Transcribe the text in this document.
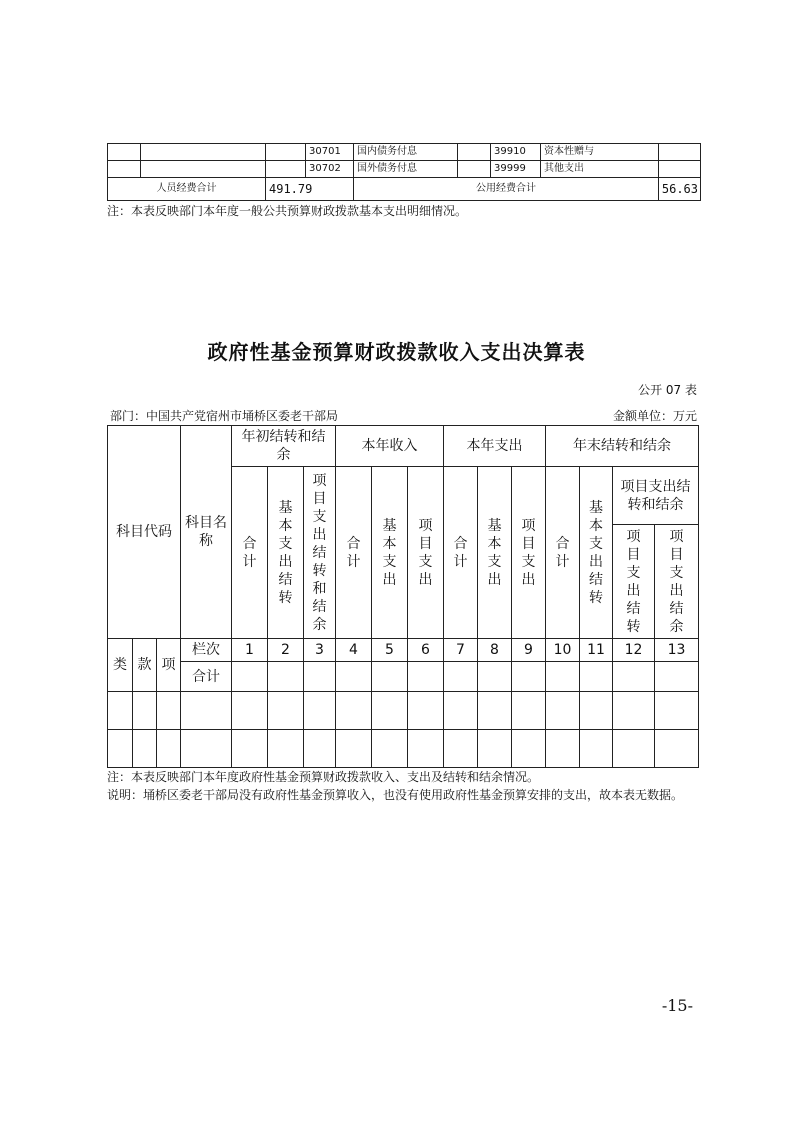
			30701	国内债务付息		39910	资本性赠与	
			30702	国外债务付息		39999	其他支出	
人员经费合计		491.79		公用经费合计				56.63
注：本表反映部门本年度一般公共预算财政拨款基本支出明细情况。
政府性基金预算财政拨款收入支出决算表
公开 07 表
部门：中国共产党宿州市埇桥区委老干部局	金额单位：万元
科目代码			科目名称	年初结转和结余			本年收入			本年支出			年末结转和结余			
				合计	基本支出结转	项目支出结转和结余	合计	基本支出	项目支出	合计	基本支出	项目支出	合计	基本支出结转	项目支出结转和结余	
															项目支出结转	项目支出结余
类	款	项	栏次	1	2	3	4	5	6	7	8	9	10	11	12	13
			合计													

注：本表反映部门本年度政府性基金预算财政拨款收入、支出及结转和结余情况。
说明：埇桥区委老干部局没有政府性基金预算收入，也没有使用政府性基金预算安排的支出，故本表无数据。
-15-
